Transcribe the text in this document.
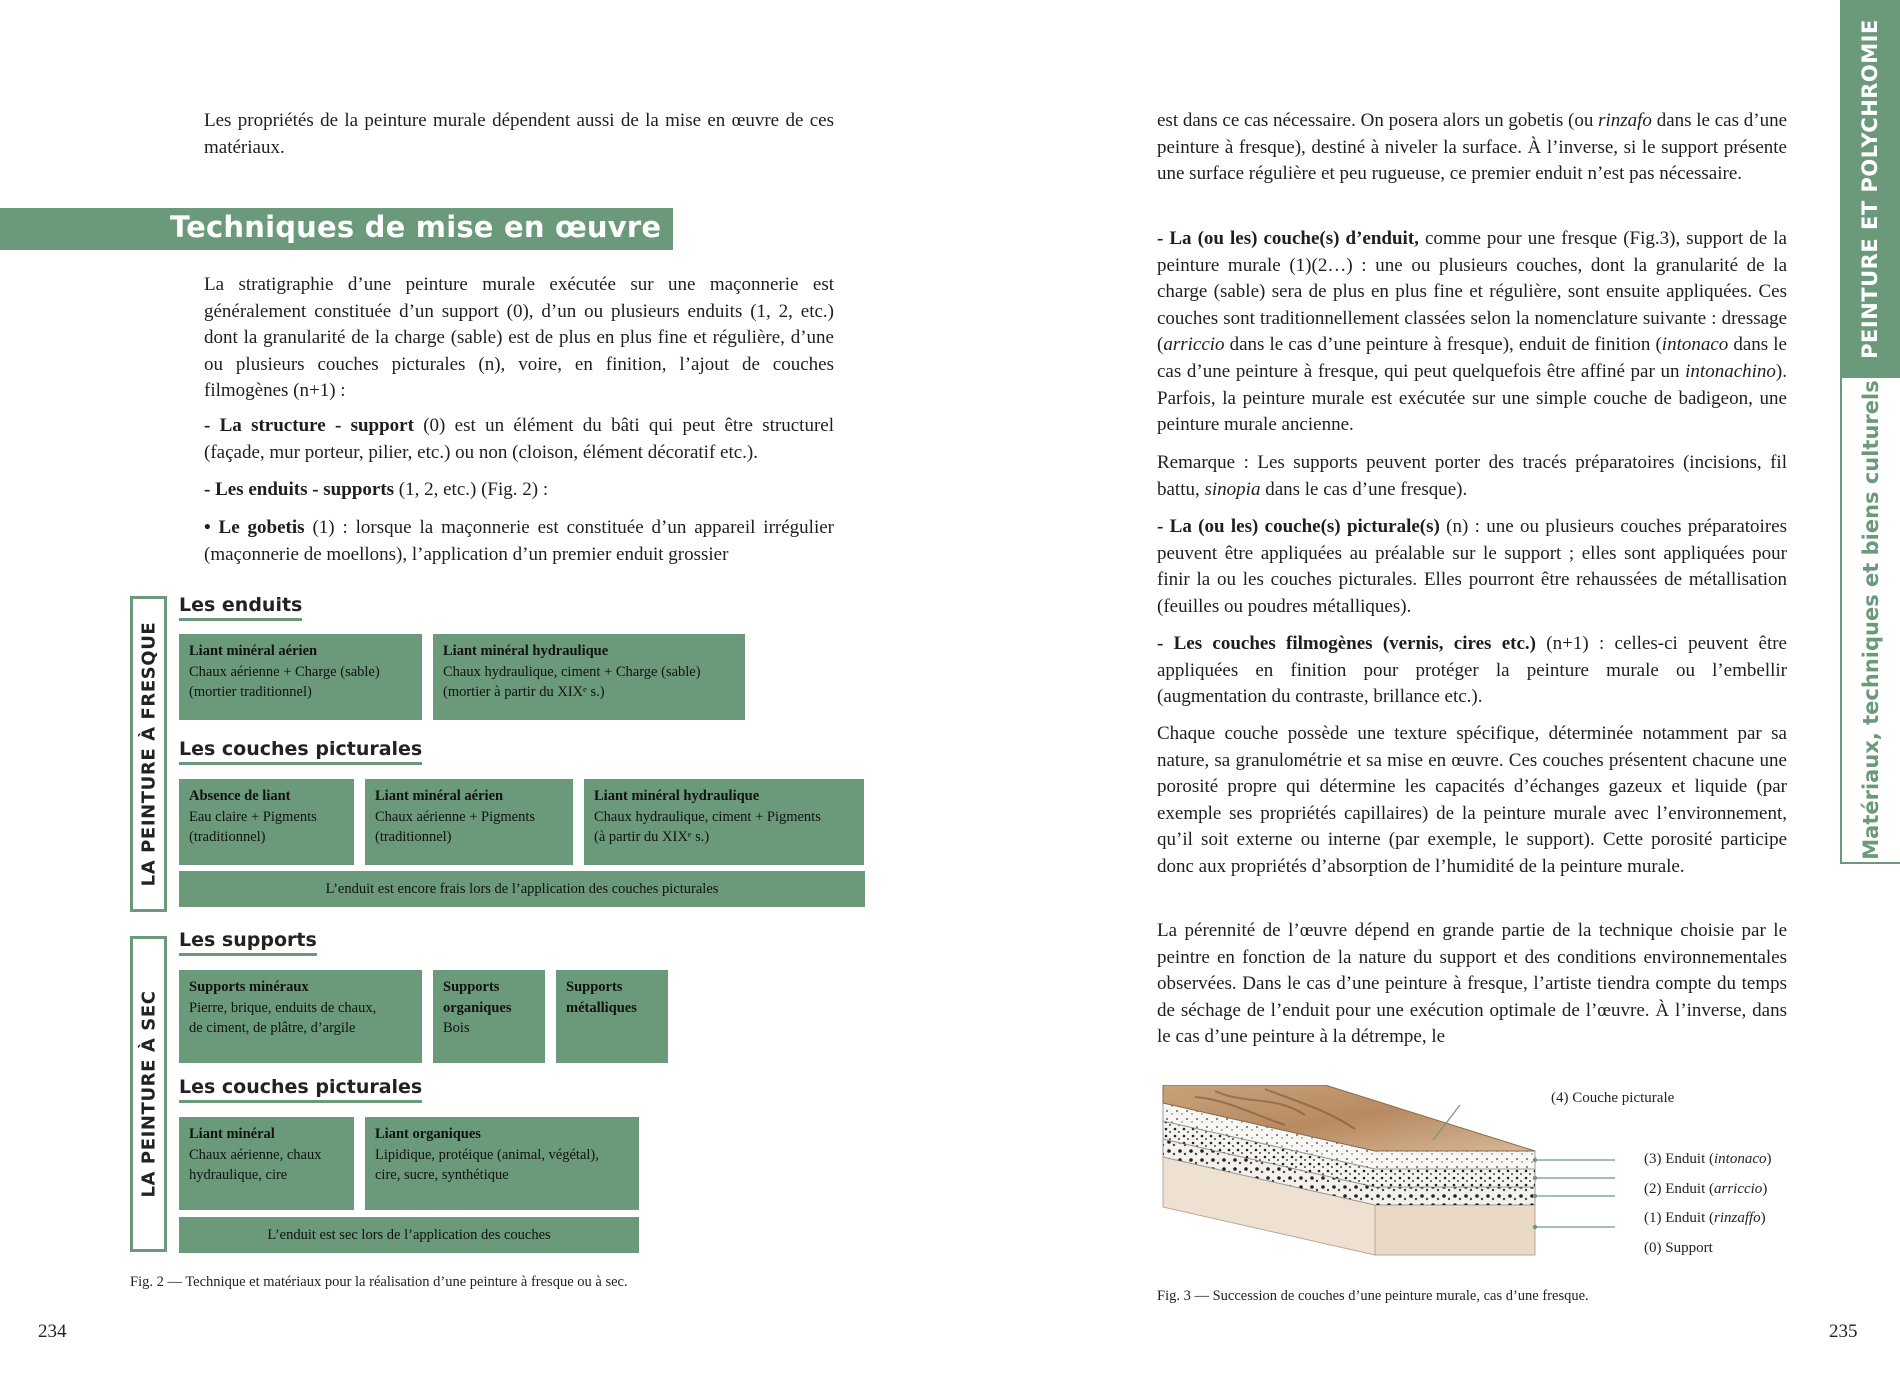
Les propriétés de la peinture murale dépendent aussi de la mise en œuvre de ces matériaux.

Techniques de mise en œuvre

La stratigraphie d’une peinture murale exécutée sur une maçonnerie est généralement constituée d’un support (0), d’un ou plusieurs enduits (1, 2, etc.) dont la granularité de la charge (sable) est de plus en plus fine et régulière, d’une ou plusieurs couches picturales (n), voire, en finition, l’ajout de couches filmogènes (n+1) :

- La structure - support (0) est un élément du bâti qui peut être structurel (façade, mur porteur, pilier, etc.) ou non (cloison, élément décoratif etc.).

- Les enduits - supports (1, 2, etc.) (Fig. 2) :

• Le gobetis (1) : lorsque la maçonnerie est constituée d’un appareil irrégulier (maçonnerie de moellons), l’application d’un premier enduit grossier

LA PEINTURE À FRESQUE
Les enduits
Liant minéral aérien
Chaux aérienne + Charge (sable)
(mortier traditionnel)
Liant minéral hydraulique
Chaux hydraulique, ciment + Charge (sable)
(mortier à partir du XIXᵉ s.)
Les couches picturales
Absence de liant
Eau claire + Pigments
(traditionnel)
Liant minéral aérien
Chaux aérienne + Pigments
(traditionnel)
Liant minéral hydraulique
Chaux hydraulique, ciment + Pigments
(à partir du XIXᵉ s.)
L’enduit est encore frais lors de l’application des couches picturales
LA PEINTURE À SEC
Les supports
Supports minéraux
Pierre, brique, enduits de chaux,
de ciment, de plâtre, d’argile
Supports
organiques
Bois
Supports
métalliques
Les couches picturales
Liant minéral
Chaux aérienne, chaux
hydraulique, cire
Liant organiques
Lipidique, protéique (animal, végétal),
cire, sucre, synthétique
L’enduit est sec lors de l’application des couches
Fig. 2 — Technique et matériaux pour la réalisation d’une peinture à fresque ou à sec.
234

est dans ce cas nécessaire. On posera alors un gobetis (ou rinzafo dans le cas d’une peinture à fresque), destiné à niveler la surface. À l’inverse, si le support présente une surface régulière et peu rugueuse, ce premier enduit n’est pas nécessaire.

- La (ou les) couche(s) d’enduit, comme pour une fresque (Fig.3), support de la peinture murale (1)(2…) : une ou plusieurs couches, dont la granularité de la charge (sable) sera de plus en plus fine et régulière, sont ensuite appliquées. Ces couches sont traditionnellement classées selon la nomenclature suivante : dressage (arriccio dans le cas d’une peinture à fresque), enduit de finition (intonaco dans le cas d’une peinture à fresque, qui peut quelquefois être affiné par un intonachino). Parfois, la peinture murale est exécutée sur une simple couche de badigeon, une peinture murale ancienne.

Remarque : Les supports peuvent porter des tracés préparatoires (incisions, fil battu, sinopia dans le cas d’une fresque).

- La (ou les) couche(s) picturale(s) (n) : une ou plusieurs couches préparatoires peuvent être appliquées au préalable sur le support ; elles sont appliquées pour finir la ou les couches picturales. Elles pourront être rehaussées de métallisation (feuilles ou poudres métalliques).

- Les couches filmogènes (vernis, cires etc.) (n+1) : celles-ci peuvent être appliquées en finition pour protéger la peinture murale ou l’embellir (augmentation du contraste, brillance etc.).

Chaque couche possède une texture spécifique, déterminée notamment par sa nature, sa granulométrie et sa mise en œuvre. Ces couches présentent chacune une porosité propre qui détermine les capacités d’échanges gazeux et liquide (par exemple ses propriétés capillaires) de la peinture murale avec l’environnement, qu’il soit externe ou interne (par exemple, le support). Cette porosité participe donc aux propriétés d’absorption de l’humidité de la peinture murale.

La pérennité de l’œuvre dépend en grande partie de la technique choisie par le peintre en fonction de la nature du support et des conditions environnementales observées. Dans le cas d’une peinture à fresque, l’artiste tiendra compte du temps de séchage de l’enduit pour une exécution optimale de l’œuvre. À l’inverse, dans le cas d’une peinture à la détrempe, le

(4) Couche picturale
(3) Enduit (intonaco)
(2) Enduit (arriccio)
(1) Enduit (rinzaffo)
(0) Support
Fig. 3 — Succession de couches d’une peinture murale, cas d’une fresque.
235
PEINTURE ET POLYCHROMIE
Matériaux, techniques et biens culturels
